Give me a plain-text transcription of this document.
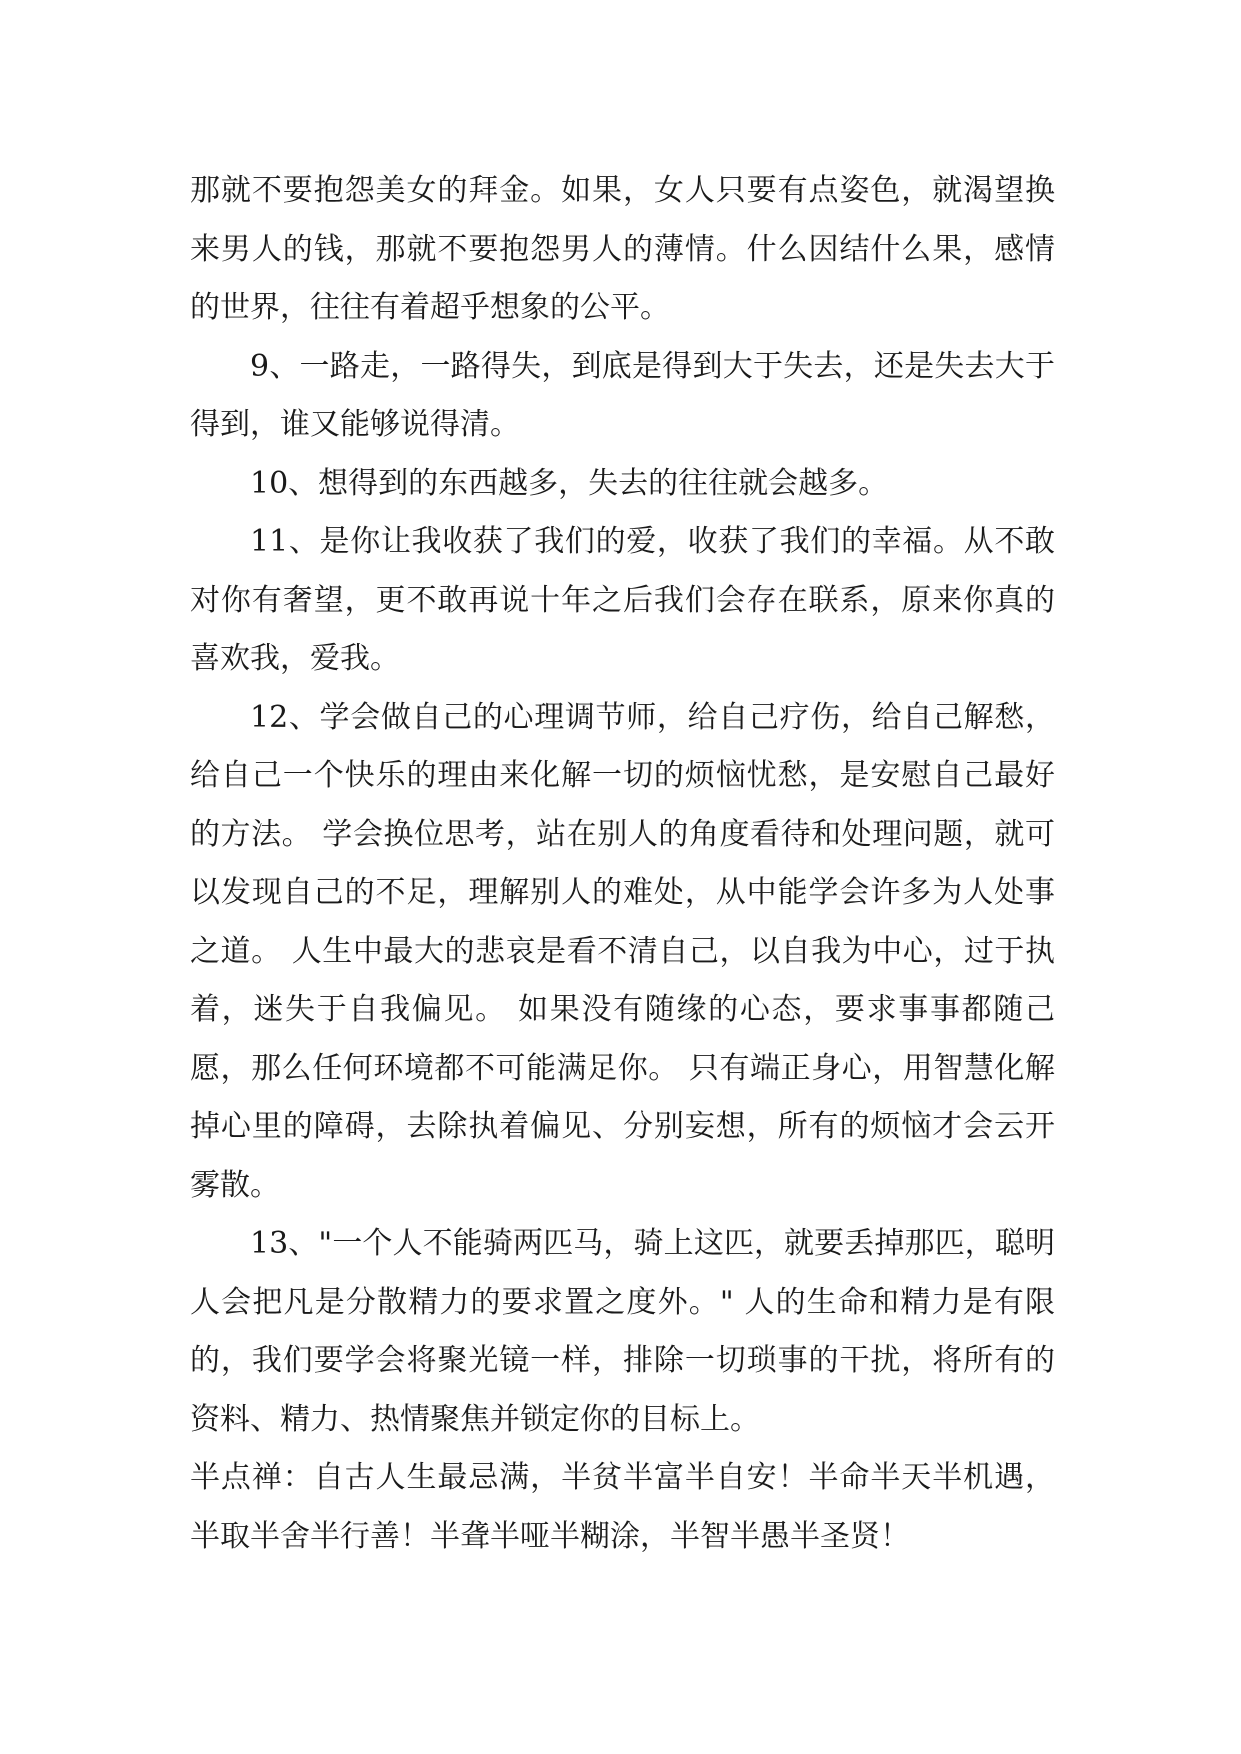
那就不要抱怨美女的拜金。如果，女人只要有点姿色，就渴望换来男人的钱，那就不要抱怨男人的薄情。什么因结什么果，感情的世界，往往有着超乎想象的公平。

9、一路走，一路得失，到底是得到大于失去，还是失去大于得到，谁又能够说得清。

10、想得到的东西越多，失去的往往就会越多。

11、是你让我收获了我们的爱，收获了我们的幸福。从不敢对你有奢望，更不敢再说十年之后我们会存在联系，原来你真的喜欢我，爱我。

12、学会做自己的心理调节师，给自己疗伤，给自己解愁，给自己一个快乐的理由来化解一切的烦恼忧愁，是安慰自己最好的方法。 学会换位思考，站在别人的角度看待和处理问题，就可以发现自己的不足，理解别人的难处，从中能学会许多为人处事之道。 人生中最大的悲哀是看不清自己，以自我为中心，过于执着，迷失于自我偏见。 如果没有随缘的心态，要求事事都随己愿，那么任何环境都不可能满足你。 只有端正身心，用智慧化解掉心里的障碍，去除执着偏见、分别妄想，所有的烦恼才会云开雾散。

13、"一个人不能骑两匹马，骑上这匹，就要丢掉那匹，聪明人会把凡是分散精力的要求置之度外。" 人的生命和精力是有限的，我们要学会将聚光镜一样，排除一切琐事的干扰，将所有的资料、精力、热情聚焦并锁定你的目标上。

半点禅：自古人生最忌满，半贫半富半自安！半命半天半机遇，半取半舍半行善！半聋半哑半糊涂，半智半愚半圣贤！
